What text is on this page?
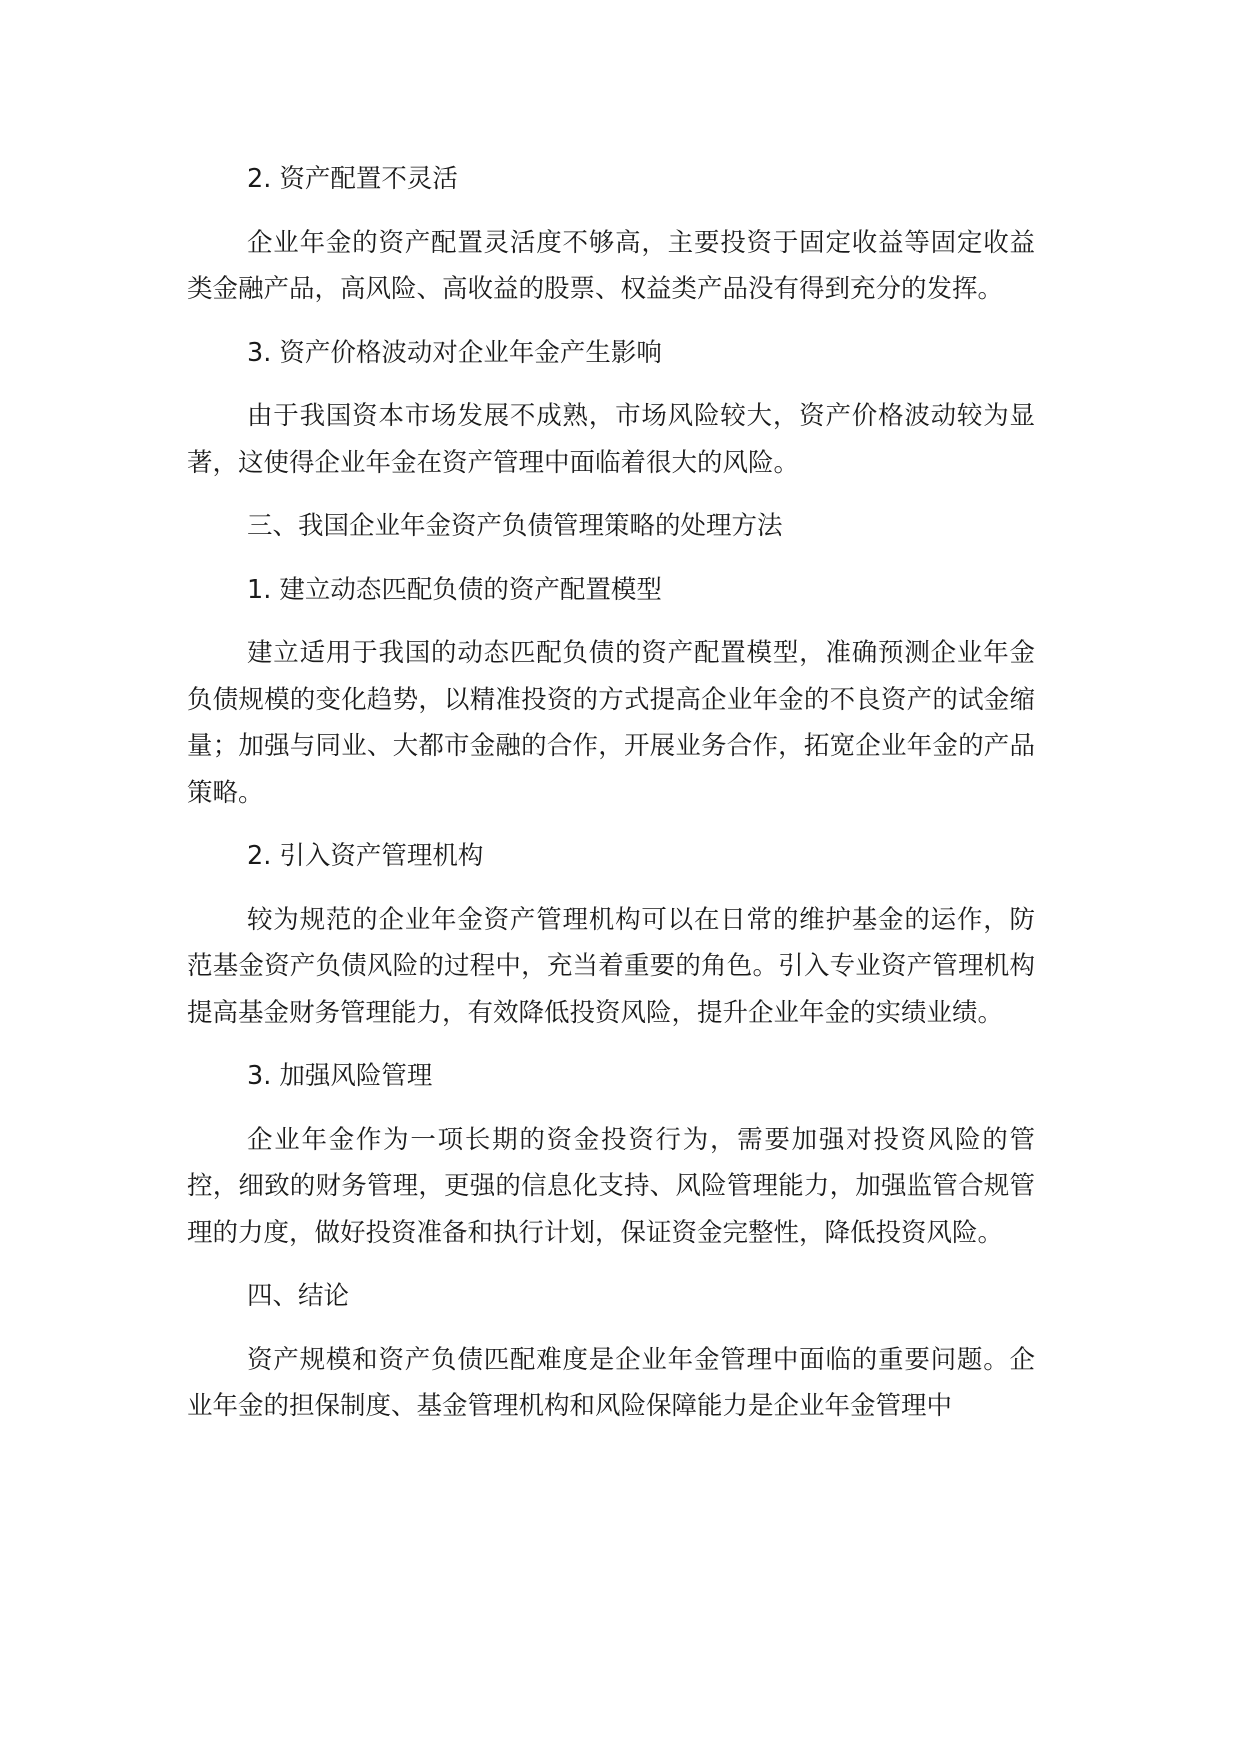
2. 资产配置不灵活

企业年金的资产配置灵活度不够高，主要投资于固定收益等固定收益类金融产品，高风险、高收益的股票、权益类产品没有得到充分的发挥。

3. 资产价格波动对企业年金产生影响

由于我国资本市场发展不成熟，市场风险较大，资产价格波动较为显著，这使得企业年金在资产管理中面临着很大的风险。

三、我国企业年金资产负债管理策略的处理方法

1. 建立动态匹配负债的资产配置模型

建立适用于我国的动态匹配负债的资产配置模型，准确预测企业年金负债规模的变化趋势，以精准投资的方式提高企业年金的不良资产的试金缩量；加强与同业、大都市金融的合作，开展业务合作，拓宽企业年金的产品策略。

2. 引入资产管理机构

较为规范的企业年金资产管理机构可以在日常的维护基金的运作，防范基金资产负债风险的过程中，充当着重要的角色。引入专业资产管理机构提高基金财务管理能力，有效降低投资风险，提升企业年金的实绩业绩。

3. 加强风险管理

企业年金作为一项长期的资金投资行为，需要加强对投资风险的管控，细致的财务管理，更强的信息化支持、风险管理能力，加强监管合规管理的力度，做好投资准备和执行计划，保证资金完整性，降低投资风险。

四、结论

资产规模和资产负债匹配难度是企业年金管理中面临的重要问题。企业年金的担保制度、基金管理机构和风险保障能力是企业年金管理中
